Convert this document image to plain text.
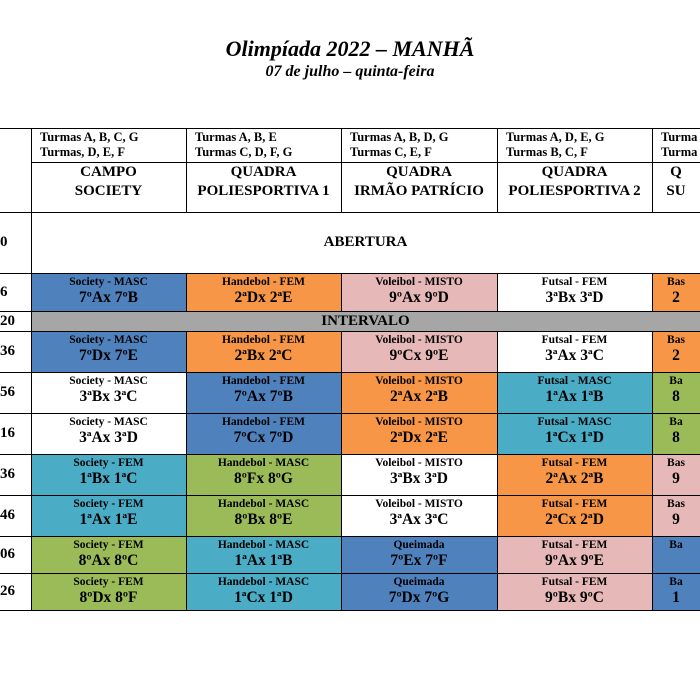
Olimpíada 2022 – MANHÃ
07 de julho – quinta-feira
Turmas A, B, C, G
Turmas, D, E, F
CAMPO
SOCIETY
Turmas A, B, E
Turmas C, D, F, G
QUADRA
POLIESPORTIVA 1
Turmas A, B, D, G
Turmas C, E, F
QUADRA
IRMÃO PATRÍCIO
Turmas A, D, E, G
Turmas B, C, F
QUADRA
POLIESPORTIVA 2
Turma
Turma
Q
SU
0	ABERTURA
6
Society - MASC
7ºAx 7ºB
Handebol - FEM
2ªDx 2ªE
Voleibol - MISTO
9ºAx 9ºD
Futsal - FEM
3ªBx 3ªD
Bas
2
20	INTERVALO
36
Society - MASC
7ºDx 7ºE
Handebol - FEM
2ªBx 2ªC
Voleibol - MISTO
9ºCx 9ºE
Futsal - FEM
3ªAx 3ªC
Bas
2
56
Society - MASC
3ªBx 3ªC
Handebol - FEM
7ºAx 7ºB
Voleibol - MISTO
2ªAx 2ªB
Futsal - MASC
1ªAx 1ªB
Ba
8
16
Society - MASC
3ªAx 3ªD
Handebol - FEM
7ºCx 7ºD
Voleibol - MISTO
2ªDx 2ªE
Futsal - MASC
1ªCx 1ªD
Ba
8
36
Society - FEM
1ªBx 1ªC
Handebol - MASC
8ºFx 8ºG
Voleibol - MISTO
3ªBx 3ªD
Futsal - FEM
2ªAx 2ªB
Bas
9
46
Society - FEM
1ªAx 1ªE
Handebol - MASC
8ºBx 8ºE
Voleibol - MISTO
3ªAx 3ªC
Futsal - FEM
2ªCx 2ªD
Bas
9
06
Society - FEM
8ºAx 8ºC
Handebol - MASC
1ªAx 1ªB
Queimada
7ºEx 7ºF
Futsal - FEM
9ºAx 9ºE
Ba
26
Society - FEM
8ºDx 8ºF
Handebol - MASC
1ªCx 1ªD
Queimada
7ºDx 7ºG
Futsal - FEM
9ºBx 9ºC
Ba
1
